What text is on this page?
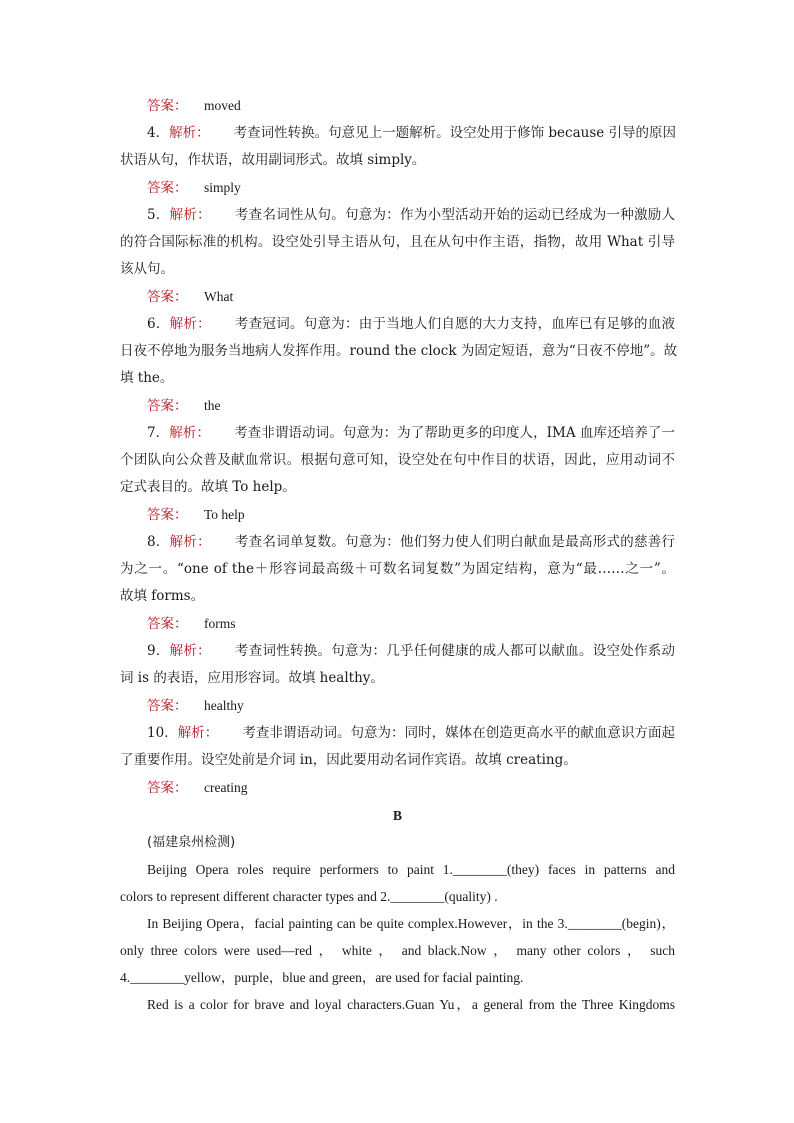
答案： moved
4．解析： 考查词性转换。句意见上一题解析。设空处用于修饰 because 引导的原因
状语从句，作状语，故用副词形式。故填 simply。
答案： simply
5．解析： 考查名词性从句。句意为：作为小型活动开始的运动已经成为一种激励人
的符合国际标准的机构。设空处引导主语从句，且在从句中作主语，指物，故用 What 引导
该从句。
答案： What
6．解析： 考查冠词。句意为：由于当地人们自愿的大力支持，血库已有足够的血液
日夜不停地为服务当地病人发挥作用。round the clock 为固定短语，意为“日夜不停地”。故
填 the。
答案： the
7．解析： 考查非谓语动词。句意为：为了帮助更多的印度人，IMA 血库还培养了一
个团队向公众普及献血常识。根据句意可知，设空处在句中作目的状语，因此，应用动词不
定式表目的。故填 To help。
答案： To help
8．解析： 考查名词单复数。句意为：他们努力使人们明白献血是最高形式的慈善行
为之一。“one of the＋形容词最高级＋可数名词复数”为固定结构，意为“最……之一”。
故填 forms。
答案： forms
9．解析： 考查词性转换。句意为：几乎任何健康的成人都可以献血。设空处作系动
词 is 的表语，应用形容词。故填 healthy。
答案： healthy
10．解析： 考查非谓语动词。句意为：同时，媒体在创造更高水平的献血意识方面起
了重要作用。设空处前是介词 in，因此要用动名词作宾语。故填 creating。
答案： creating
B
(福建泉州检测)
Beijing Opera roles require performers to paint 1.________(they) faces in patterns and
colors to represent different character types and 2.________(quality) .
In Beijing Opera，facial painting can be quite complex.However，in the 3.________(begin)，
only three colors were used—red ， white ， and black.Now ， many other colors ， such
4.________yellow，purple，blue and green，are used for facial painting.
Red is a color for brave and loyal characters.Guan Yu，a general from the Three Kingdoms
